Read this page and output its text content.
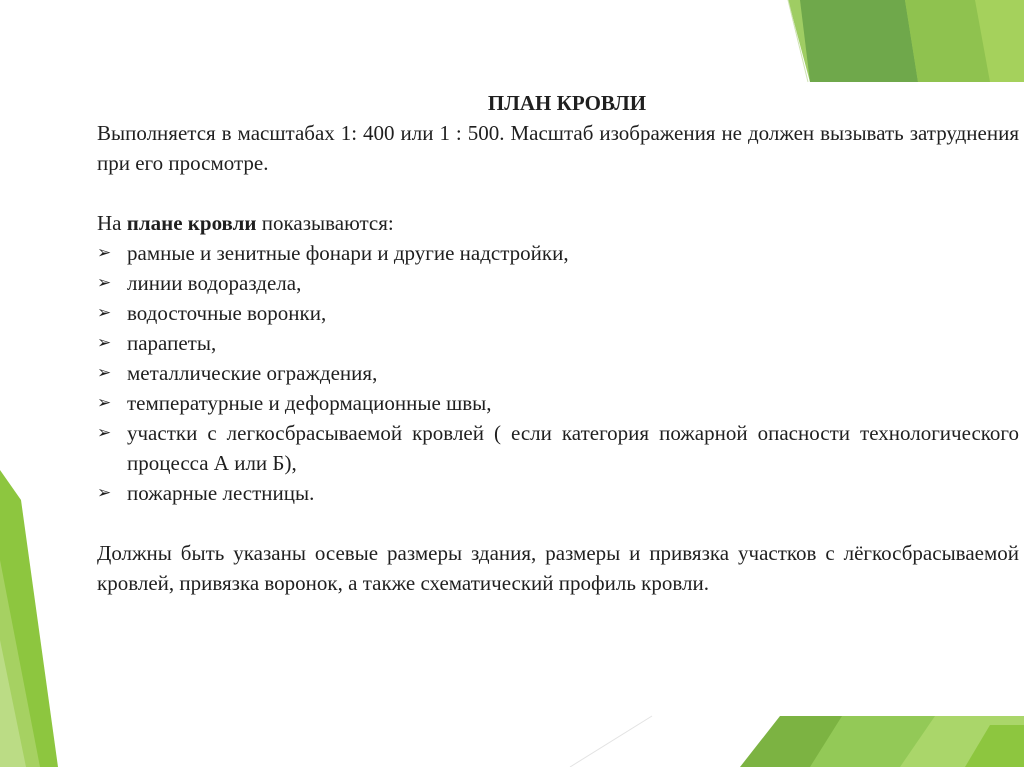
ПЛАН КРОВЛИ

Выполняется в масштабах 1: 400 или 1 : 500. Масштаб изображения не должен вызывать затруднения при его просмотре.

На плане кровли показываются:

➢ рамные и зенитные фонари и другие надстройки,
➢ линии водораздела,
➢ водосточные воронки,
➢ парапеты,
➢ металлические ограждения,
➢ температурные и деформационные швы,
➢ участки с легкосбрасываемой кровлей ( если категория пожарной опасности технологического процесса А или Б),
➢ пожарные лестницы.

Должны быть указаны осевые размеры здания, размеры и привязка участков с лёгкосбрасываемой кровлей, привязка воронок, а также схематический профиль кровли.
